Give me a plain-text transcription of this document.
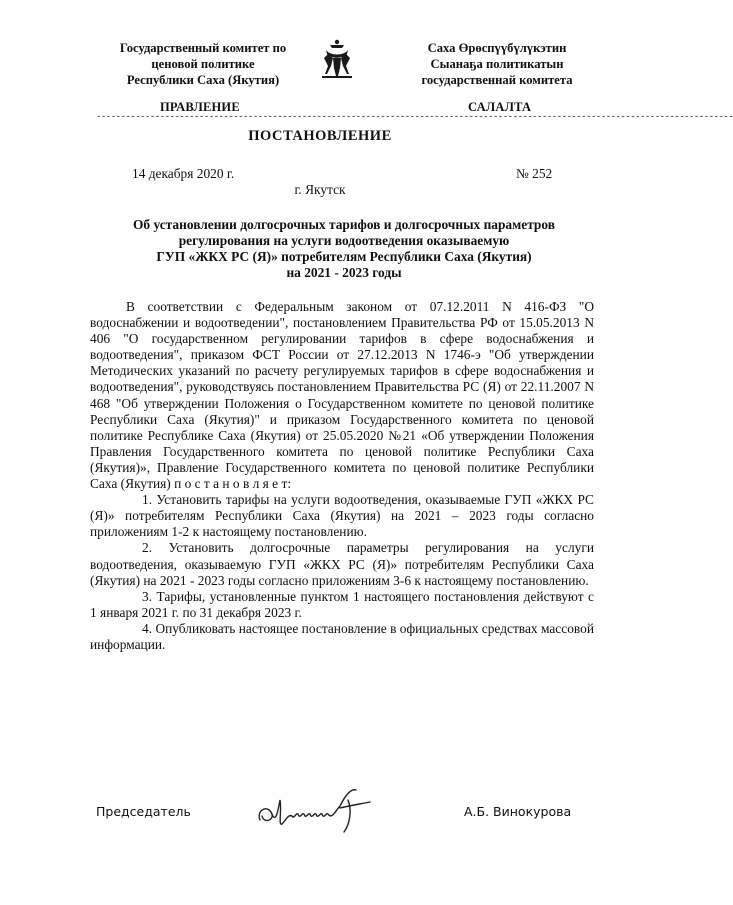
Государственный комитет по
ценовой политике
Республики Саха (Якутия)
Саха Өрөспүүбүлүкэтин
Сыанаҕа политикатын
государственнай комитета
ПРАВЛЕНИЕ	САЛАЛТА
----------------------------------------------------------------------------------------------------------------------------------
ПОСТАНОВЛЕНИЕ
14 декабря 2020 г.	№ 252
г. Якутск
Об установлении долгосрочных тарифов и долгосрочных параметров
регулирования на услуги водоотведения оказываемую
ГУП «ЖКХ РС (Я)» потребителям Республики Саха (Якутия)
на 2021 - 2023 годы

В соответствии с Федеральным законом от 07.12.2011 N 416-ФЗ "О водоснабжении и водоотведении", постановлением Правительства РФ от 15.05.2013 N 406 "О государственном регулировании тарифов в сфере водоснабжения и водоотведения", приказом ФСТ России от 27.12.2013 N 1746-э "Об утверждении Методических указаний по расчету регулируемых тарифов в сфере водоснабжения и водоотведения", руководствуясь постановлением Правительства РС (Я) от 22.11.2007 N 468 "Об утверждении Положения о Государственном комитете по ценовой политике Республики Саха (Якутия)" и приказом Государственного комитета по ценовой политике Республике Саха (Якутия) от 25.05.2020 №21 «Об утверждении Положения Правления Государственного комитета по ценовой политике Республики Саха (Якутия)», Правление Государственного комитета по ценовой политике Республики Саха (Якутия) п о с т а н о в л я е т:

1. Установить тарифы на услуги водоотведения, оказываемые ГУП «ЖКХ РС (Я)» потребителям Республики Саха (Якутия) на 2021 – 2023 годы согласно приложениям 1-2 к настоящему постановлению.

2. Установить долгосрочные параметры регулирования на услуги водоотведения, оказываемую ГУП «ЖКХ РС (Я)» потребителям Республики Саха (Якутия) на 2021 - 2023 годы согласно приложениям 3-6 к настоящему постановлению.

3. Тарифы, установленные пунктом 1 настоящего постановления действуют с 1 января 2021 г. по 31 декабря 2023 г.

4. Опубликовать настоящее постановление в официальных средствах массовой информации.

Председатель	А.Б. Винокурова
